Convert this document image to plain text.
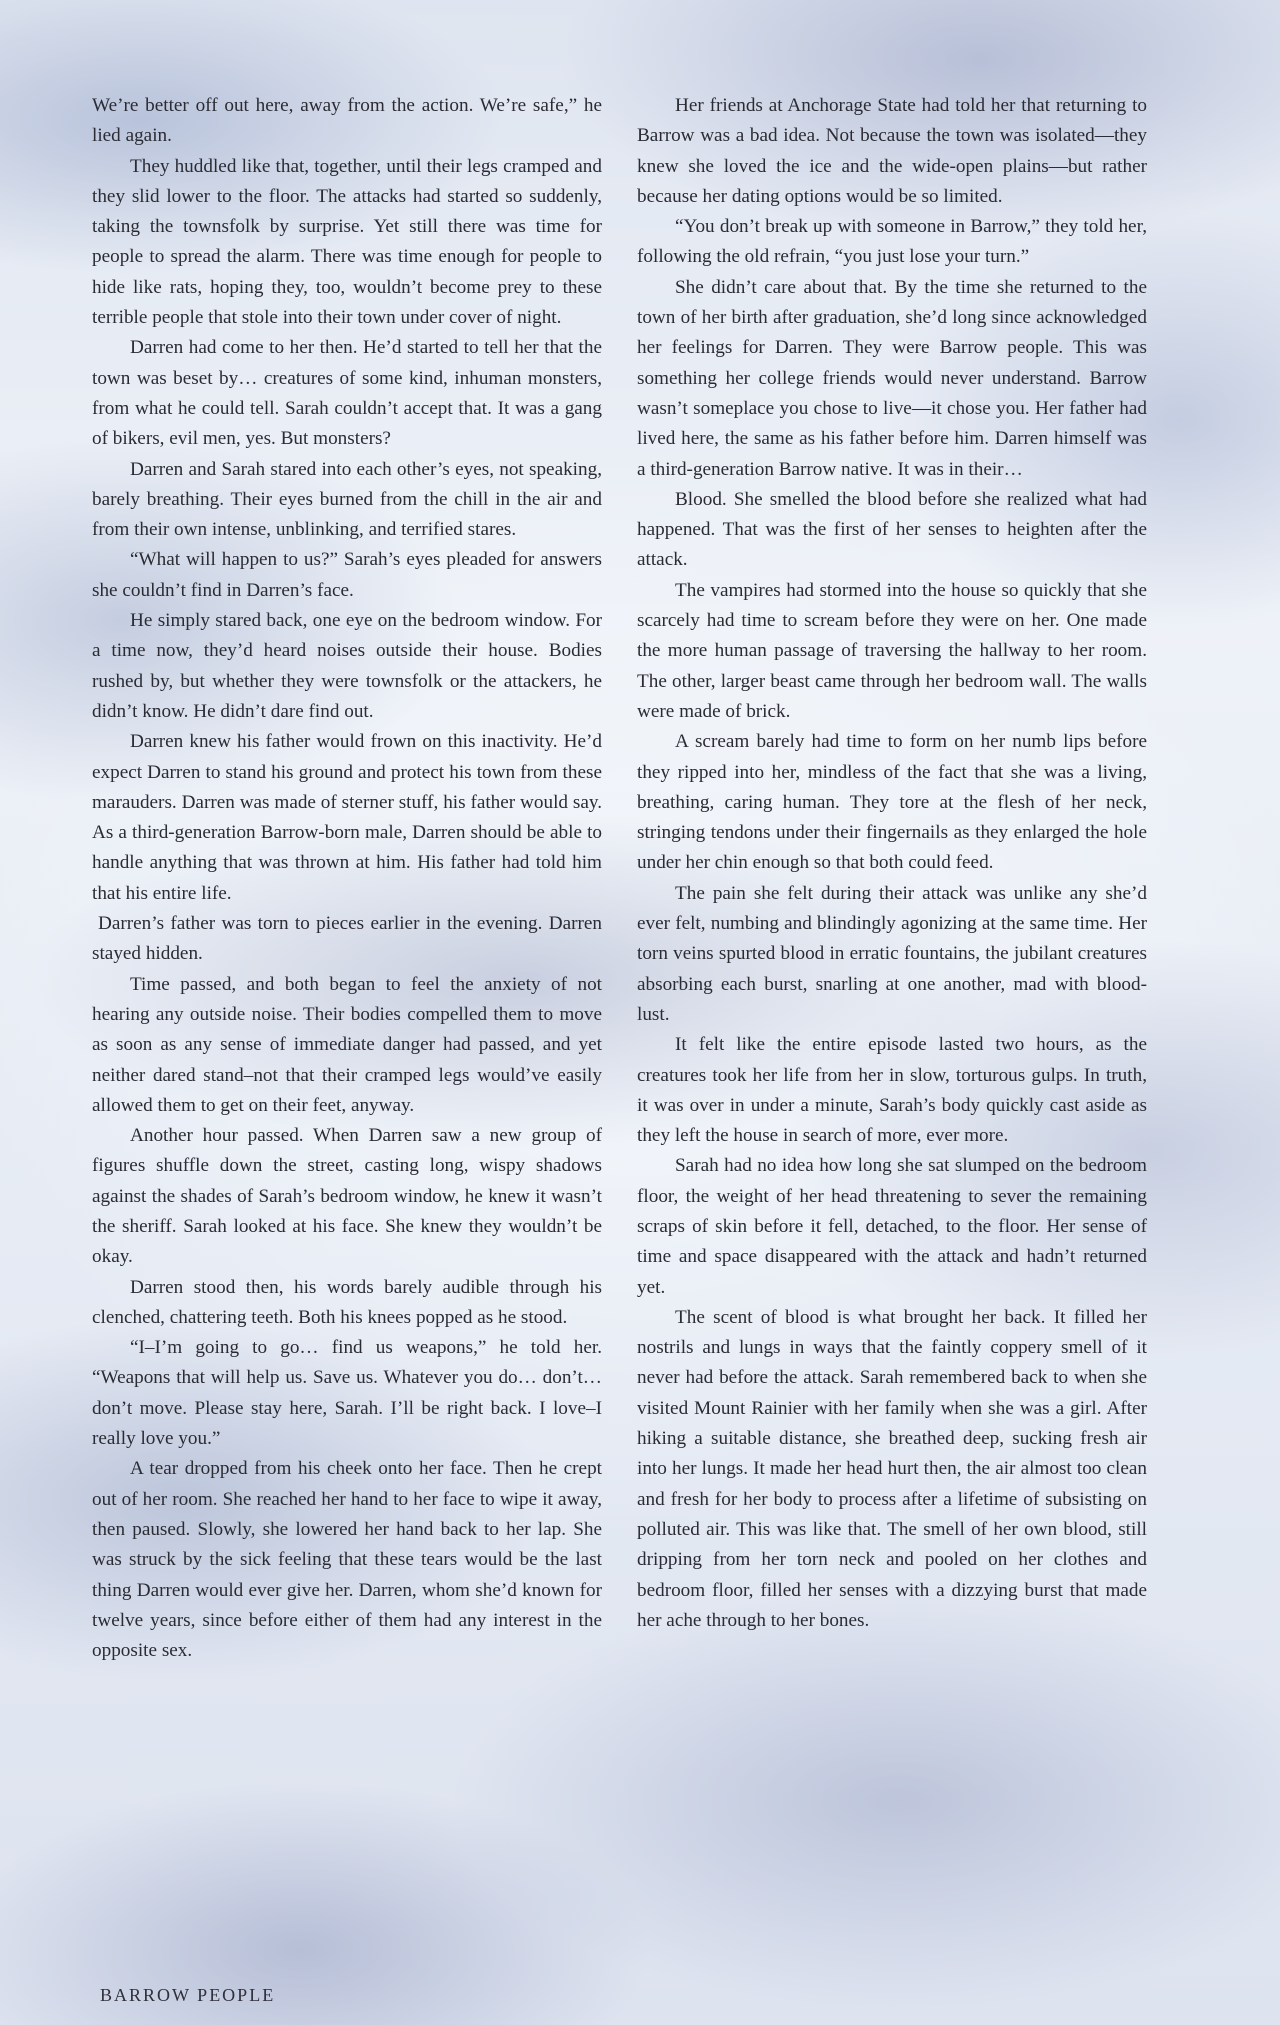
We’re better off out here, away from the action. We’re safe,” he lied again.

They huddled like that, together, until their legs cramped and they slid lower to the floor. The attacks had started so suddenly, taking the townsfolk by surprise. Yet still there was time for people to spread the alarm. There was time enough for people to hide like rats, hoping they, too, wouldn’t become prey to these terrible people that stole into their town under cover of night.

Darren had come to her then. He’d started to tell her that the town was beset by… creatures of some kind, inhuman monsters, from what he could tell. Sarah couldn’t accept that. It was a gang of bikers, evil men, yes. But monsters?

Darren and Sarah stared into each other’s eyes, not speaking, barely breathing. Their eyes burned from the chill in the air and from their own intense, unblinking, and terrified stares.

“What will happen to us?” Sarah’s eyes pleaded for answers she couldn’t find in Darren’s face.

He simply stared back, one eye on the bedroom window. For a time now, they’d heard noises outside their house. Bodies rushed by, but whether they were townsfolk or the attackers, he didn’t know. He didn’t dare find out.

Darren knew his father would frown on this inactivity. He’d expect Darren to stand his ground and protect his town from these marauders. Darren was made of sterner stuff, his father would say. As a third-generation Barrow-born male, Darren should be able to handle anything that was thrown at him. His father had told him that his entire life.

Darren’s father was torn to pieces earlier in the evening. Darren stayed hidden.

Time passed, and both began to feel the anxiety of not hearing any outside noise. Their bodies compelled them to move as soon as any sense of immediate danger had passed, and yet neither dared stand–not that their cramped legs would’ve easily allowed them to get on their feet, anyway.

Another hour passed. When Darren saw a new group of figures shuffle down the street, casting long, wispy shadows against the shades of Sarah’s bedroom window, he knew it wasn’t the sheriff. Sarah looked at his face. She knew they wouldn’t be okay.

Darren stood then, his words barely audible through his clenched, chattering teeth. Both his knees popped as he stood.

“I–I’m going to go… find us weapons,” he told her. “Weapons that will help us. Save us. Whatever you do… don’t… don’t move. Please stay here, Sarah. I’ll be right back. I love–I really love you.”

A tear dropped from his cheek onto her face. Then he crept out of her room. She reached her hand to her face to wipe it away, then paused. Slowly, she lowered her hand back to her lap. She was struck by the sick feeling that these tears would be the last thing Darren would ever give her. Darren, whom she’d known for twelve years, since before either of them had any interest in the opposite sex.

Her friends at Anchorage State had told her that returning to Barrow was a bad idea. Not because the town was isolated—they knew she loved the ice and the wide-open plains—but rather because her dating options would be so limited.

“You don’t break up with someone in Barrow,” they told her, following the old refrain, “you just lose your turn.”

She didn’t care about that. By the time she returned to the town of her birth after graduation, she’d long since acknowledged her feelings for Darren. They were Barrow people. This was something her college friends would never understand. Barrow wasn’t someplace you chose to live—it chose you. Her father had lived here, the same as his father before him. Darren himself was a third-generation Barrow native. It was in their…

Blood. She smelled the blood before she realized what had happened. That was the first of her senses to heighten after the attack.

The vampires had stormed into the house so quickly that she scarcely had time to scream before they were on her. One made the more human passage of traversing the hallway to her room. The other, larger beast came through her bedroom wall. The walls were made of brick.

A scream barely had time to form on her numb lips before they ripped into her, mindless of the fact that she was a living, breathing, caring human. They tore at the flesh of her neck, stringing tendons under their fingernails as they enlarged the hole under her chin enough so that both could feed.

The pain she felt during their attack was unlike any she’d ever felt, numbing and blindingly agonizing at the same time. Her torn veins spurted blood in erratic fountains, the jubilant creatures absorbing each burst, snarling at one another, mad with blood-lust.

It felt like the entire episode lasted two hours, as the creatures took her life from her in slow, torturous gulps. In truth, it was over in under a minute, Sarah’s body quickly cast aside as they left the house in search of more, ever more.

Sarah had no idea how long she sat slumped on the bedroom floor, the weight of her head threatening to sever the remaining scraps of skin before it fell, detached, to the floor. Her sense of time and space disappeared with the attack and hadn’t returned yet.

The scent of blood is what brought her back. It filled her nostrils and lungs in ways that the faintly coppery smell of it never had before the attack. Sarah remembered back to when she visited Mount Rainier with her family when she was a girl. After hiking a suitable distance, she breathed deep, sucking fresh air into her lungs. It made her head hurt then, the air almost too clean and fresh for her body to process after a lifetime of subsisting on polluted air. This was like that. The smell of her own blood, still dripping from her torn neck and pooled on her clothes and bedroom floor, filled her senses with a dizzying burst that made her ache through to her bones.

BARROW PEOPLE
